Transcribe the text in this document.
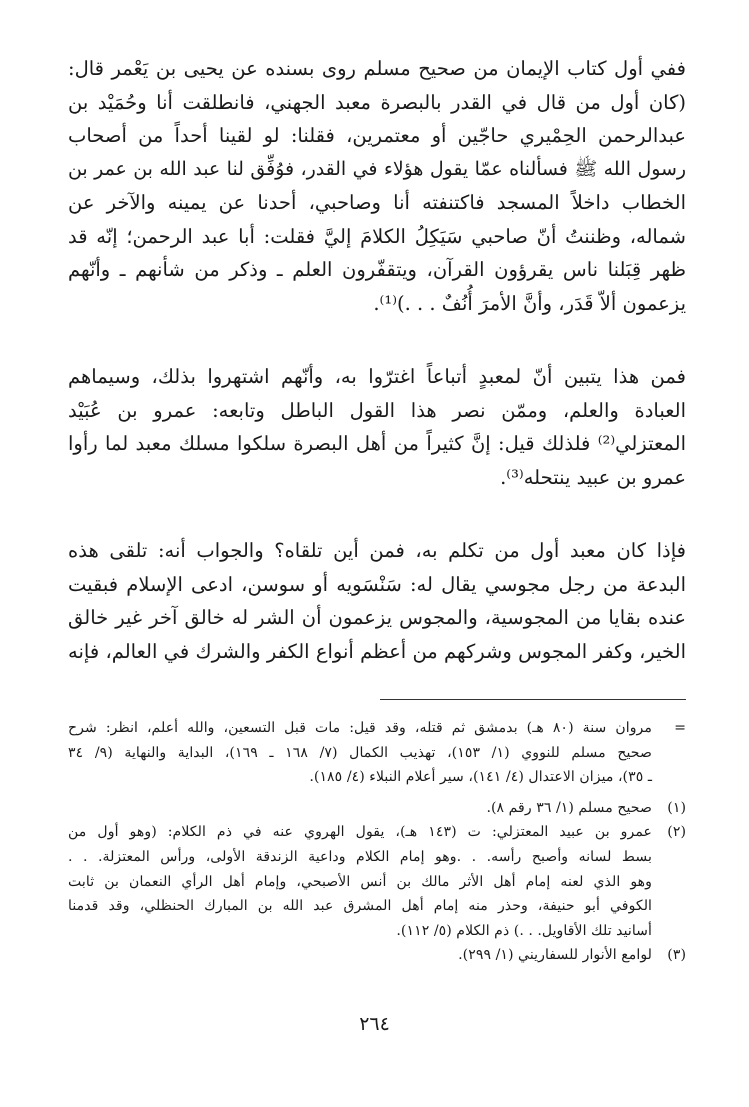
ففي أول كتاب الإيمان من صحيح مسلم روى بسنده عن يحيى بن يَعْمر قال:
(كان أول من قال في القدر بالبصرة معبد الجهني، فانطلقت أنا وحُمَيْد بن
عبدالرحمن الحِمْيري حاجّين أو معتمرين، فقلنا: لو لقينا أحداً من أصحاب
رسول الله ﷺ فسألناه عمّا يقول هؤلاء في القدر، فوُفِّق لنا عبد الله بن عمر بن
الخطاب داخلاً المسجد فاكتنفته أنا وصاحبي، أحدنا عن يمينه والآخر عن
شماله، وظننتُ أنّ صاحبي سَيَكِلُ الكلامَ إليَّ فقلت: أبا عبد الرحمن؛ إنّه قد
ظهر قِبَلنا ناس يقرؤون القرآن، ويتقفّرون العلم ـ وذكر من شأنهم ـ وأنّهم
يزعمون ألاّ قَدَر، وأنَّ الأمرَ أُنُفٌ . . .)⁽¹⁾.

فمن هذا يتبين أنّ لمعبدٍ أتباعاً اغترّوا به، وأنّهم اشتهروا بذلك، وسيماهم
العبادة والعلم، وممّن نصر هذا القول الباطل وتابعه: عمرو بن عُبَيْد
المعتزلي⁽²⁾ فلذلك قيل: إنَّ كثيراً من أهل البصرة سلكوا مسلك معبد لما رأوا
عمرو بن عبيد ينتحله⁽³⁾.

فإذا كان معبد أول من تكلم به، فمن أين تلقاه؟ والجواب أنه: تلقى هذه
البدعة من رجل مجوسي يقال له: سَنْسَويه أو سوسن، ادعى الإسلام فبقيت
عنده بقايا من المجوسية، والمجوس يزعمون أن الشر له خالق آخر غير خالق
الخير، وكفر المجوس وشركهم من أعظم أنواع الكفر والشرك في العالم، فإنه

=
مروان سنة (٨٠ هـ) بدمشق ثم قتله، وقد قيل: مات قبل التسعين، والله أعلم، انظر: شرح
صحيح مسلم للنووي (١/ ١٥٣)، تهذيب الكمال (٧/ ١٦٨ ـ ١٦٩)، البداية والنهاية (٩/ ٣٤
ـ ٣٥)، ميزان الاعتدال (٤/ ١٤١)، سير أعلام النبلاء (٤/ ١٨٥).
(١)
صحيح مسلم (١/ ٣٦ رقم ٨).
(٢)
عمرو بن عبيد المعتزلي: ت (١٤٣ هـ)، يقول الهروي عنه في ذم الكلام: (وهو أول من
بسط لسانه وأصبح رأسه. . .وهو إمام الكلام وداعية الزندقة الأولى، ورأس المعتزلة. . .
وهو الذي لعنه إمام أهل الأثر مالك بن أنس الأصبحي، وإمام أهل الرأي النعمان بن ثابت
الكوفي أبو حنيفة، وحذر منه إمام أهل المشرق عبد الله بن المبارك الحنظلي، وقد قدمنا
أسانيد تلك الأقاويل. . .) ذم الكلام (٥/ ١١٢).
(٣)
لوامع الأنوار للسفاريني (١/ ٢٩٩).
٢٦٤
